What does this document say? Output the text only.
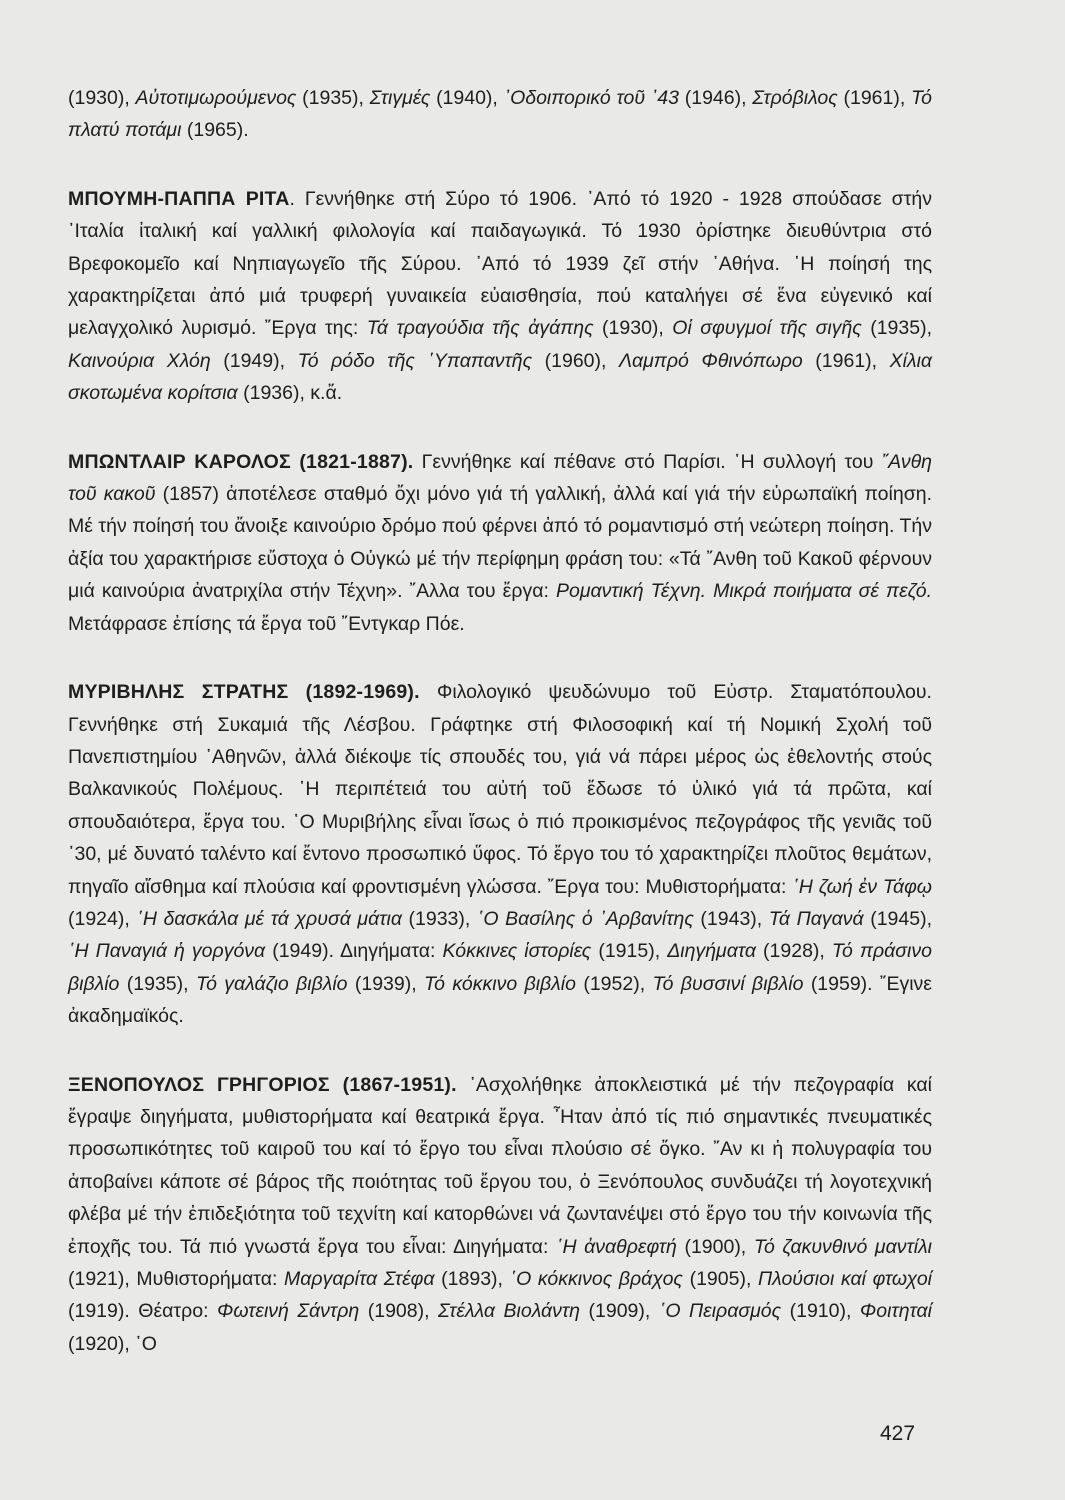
(1930), Αὐτοτιμωρούμενος (1935), Στιγμές (1940), ᾽Οδοιπορικό τοῦ ᾽43 (1946), Στρόβιλος (1961), Τό πλατύ ποτάμι (1965).

ΜΠΟΥΜΗ-ΠΑΠΠΑ ΡΙΤΑ. Γεννήθηκε στή Σύρο τό 1906. ᾽Από τό 1920 - 1928 σπούδασε στήν ᾽Ιταλία ἰταλική καί γαλλική φιλολογία καί παιδαγωγικά. Τό 1930 ὀρίστηκε διευθύντρια στό Βρεφοκομεῖο καί Νηπιαγωγεῖο τῆς Σύρου. ᾽Από τό 1939 ζεῖ στήν ᾽Αθήνα. ῾Η ποίησή της χαρακτηρίζεται ἀπό μιά τρυφερή γυναικεία εὐαισθησία, πού καταλήγει σέ ἕνα εὐγενικό καί μελαγχολικό λυρισμό. ῎Εργα της: Τά τραγούδια τῆς ἀγάπης (1930), Οἱ σφυγμοί τῆς σιγῆς (1935), Καινούρια Χλόη (1949), Τό ρόδο τῆς ῾Υπαπαντῆς (1960), Λαμπρό Φθινόπωρο (1961), Χίλια σκοτωμένα κορίτσια (1936), κ.ἄ.

ΜΠΩΝΤΛΑΙΡ ΚΑΡΟΛΟΣ (1821-1887). Γεννήθηκε καί πέθανε στό Παρίσι. ῾Η συλλογή του ῎Ανθη τοῦ κακοῦ (1857) ἀποτέλεσε σταθμό ὄχι μόνο γιά τή γαλλική, ἀλλά καί γιά τήν εὐρωπαϊκή ποίηση. Μέ τήν ποίησή του ἄνοιξε καινούριο δρόμο πού φέρνει ἀπό τό ρομαντισμό στή νεώτερη ποίηση. Τήν ἀξία του χαρακτήρισε εὔστοχα ὁ Οὐγκώ μέ τήν περίφημη φράση του: «Τά ῎Ανθη τοῦ Κακοῦ φέρνουν μιά καινούρια ἀνατριχίλα στήν Τέχνη». ῎Αλλα του ἔργα: Ρομαντική Τέχνη. Μικρά ποιήματα σέ πεζό. Μετάφρασε ἐπίσης τά ἔργα τοῦ ῎Εντγκαρ Πόε.

ΜΥΡΙΒΗΛΗΣ ΣΤΡΑΤΗΣ (1892-1969). Φιλολογικό ψευδώνυμο τοῦ Εὐστρ. Σταματόπουλου. Γεννήθηκε στή Συκαμιά τῆς Λέσβου. Γράφτηκε στή Φιλοσοφική καί τή Νομική Σχολή τοῦ Πανεπιστημίου ᾽Αθηνῶν, ἀλλά διέκοψε τίς σπουδές του, γιά νά πάρει μέρος ὡς ἐθελοντής στούς Βαλκανικούς Πολέμους. ῾Η περιπέτειά του αὐτή τοῦ ἔδωσε τό ὑλικό γιά τά πρῶτα, καί σπουδαιότερα, ἔργα του. ῾Ο Μυριβήλης εἶναι ἴσως ὁ πιό προικισμένος πεζογράφος τῆς γενιᾶς τοῦ ᾽30, μέ δυνατό ταλέντο καί ἔντονο προσωπικό ὕφος. Τό ἔργο του τό χαρακτηρίζει πλοῦτος θεμάτων, πηγαῖο αἴσθημα καί πλούσια καί φροντισμένη γλώσσα. ῎Εργα του: Μυθιστορήματα: ῾Η ζωή ἐν Τάφῳ (1924), ῾Η δασκάλα μέ τά χρυσά μάτια (1933), ῾Ο Βασίλης ὁ ᾽Αρβανίτης (1943), Τά Παγανά (1945), ῾Η Παναγιά ἡ γοργόνα (1949). Διηγήματα: Κόκκινες ἱστορίες (1915), Διηγήματα (1928), Τό πράσινο βιβλίο (1935), Τό γαλάζιο βιβλίο (1939), Τό κόκκινο βιβλίο (1952), Τό βυσσινί βιβλίο (1959). ῎Εγινε ἀκαδημαϊκός.

ΞΕΝΟΠΟΥΛΟΣ ΓΡΗΓΟΡΙΟΣ (1867-1951). ᾽Ασχολήθηκε ἀποκλειστικά μέ τήν πεζογραφία καί ἔγραψε διηγήματα, μυθιστορήματα καί θεατρικά ἔργα. ῏Ηταν ἀπό τίς πιό σημαντικές πνευματικές προσωπικότητες τοῦ καιροῦ του καί τό ἔργο του εἶναι πλούσιο σέ ὄγκο. ῎Αν κι ἡ πολυγραφία του ἀποβαίνει κάποτε σέ βάρος τῆς ποιότητας τοῦ ἔργου του, ὁ Ξενόπουλος συνδυάζει τή λογοτεχνική φλέβα μέ τήν ἐπιδεξιότητα τοῦ τεχνίτη καί κατορθώνει νά ζωντανέψει στό ἔργο του τήν κοινωνία τῆς ἐποχῆς του. Τά πιό γνωστά ἔργα του εἶναι: Διηγήματα: ῾Η ἀναθρεφτή (1900), Τό ζακυνθινό μαντίλι (1921), Μυθιστορήματα: Μαργαρίτα Στέφα (1893), ῾Ο κόκκινος βράχος (1905), Πλούσιοι καί φτωχοί (1919). Θέατρο: Φωτεινή Σάντρη (1908), Στέλλα Βιολάντη (1909), ῾Ο Πειρασμός (1910), Φοιτηταί (1920), ῾Ο

427
